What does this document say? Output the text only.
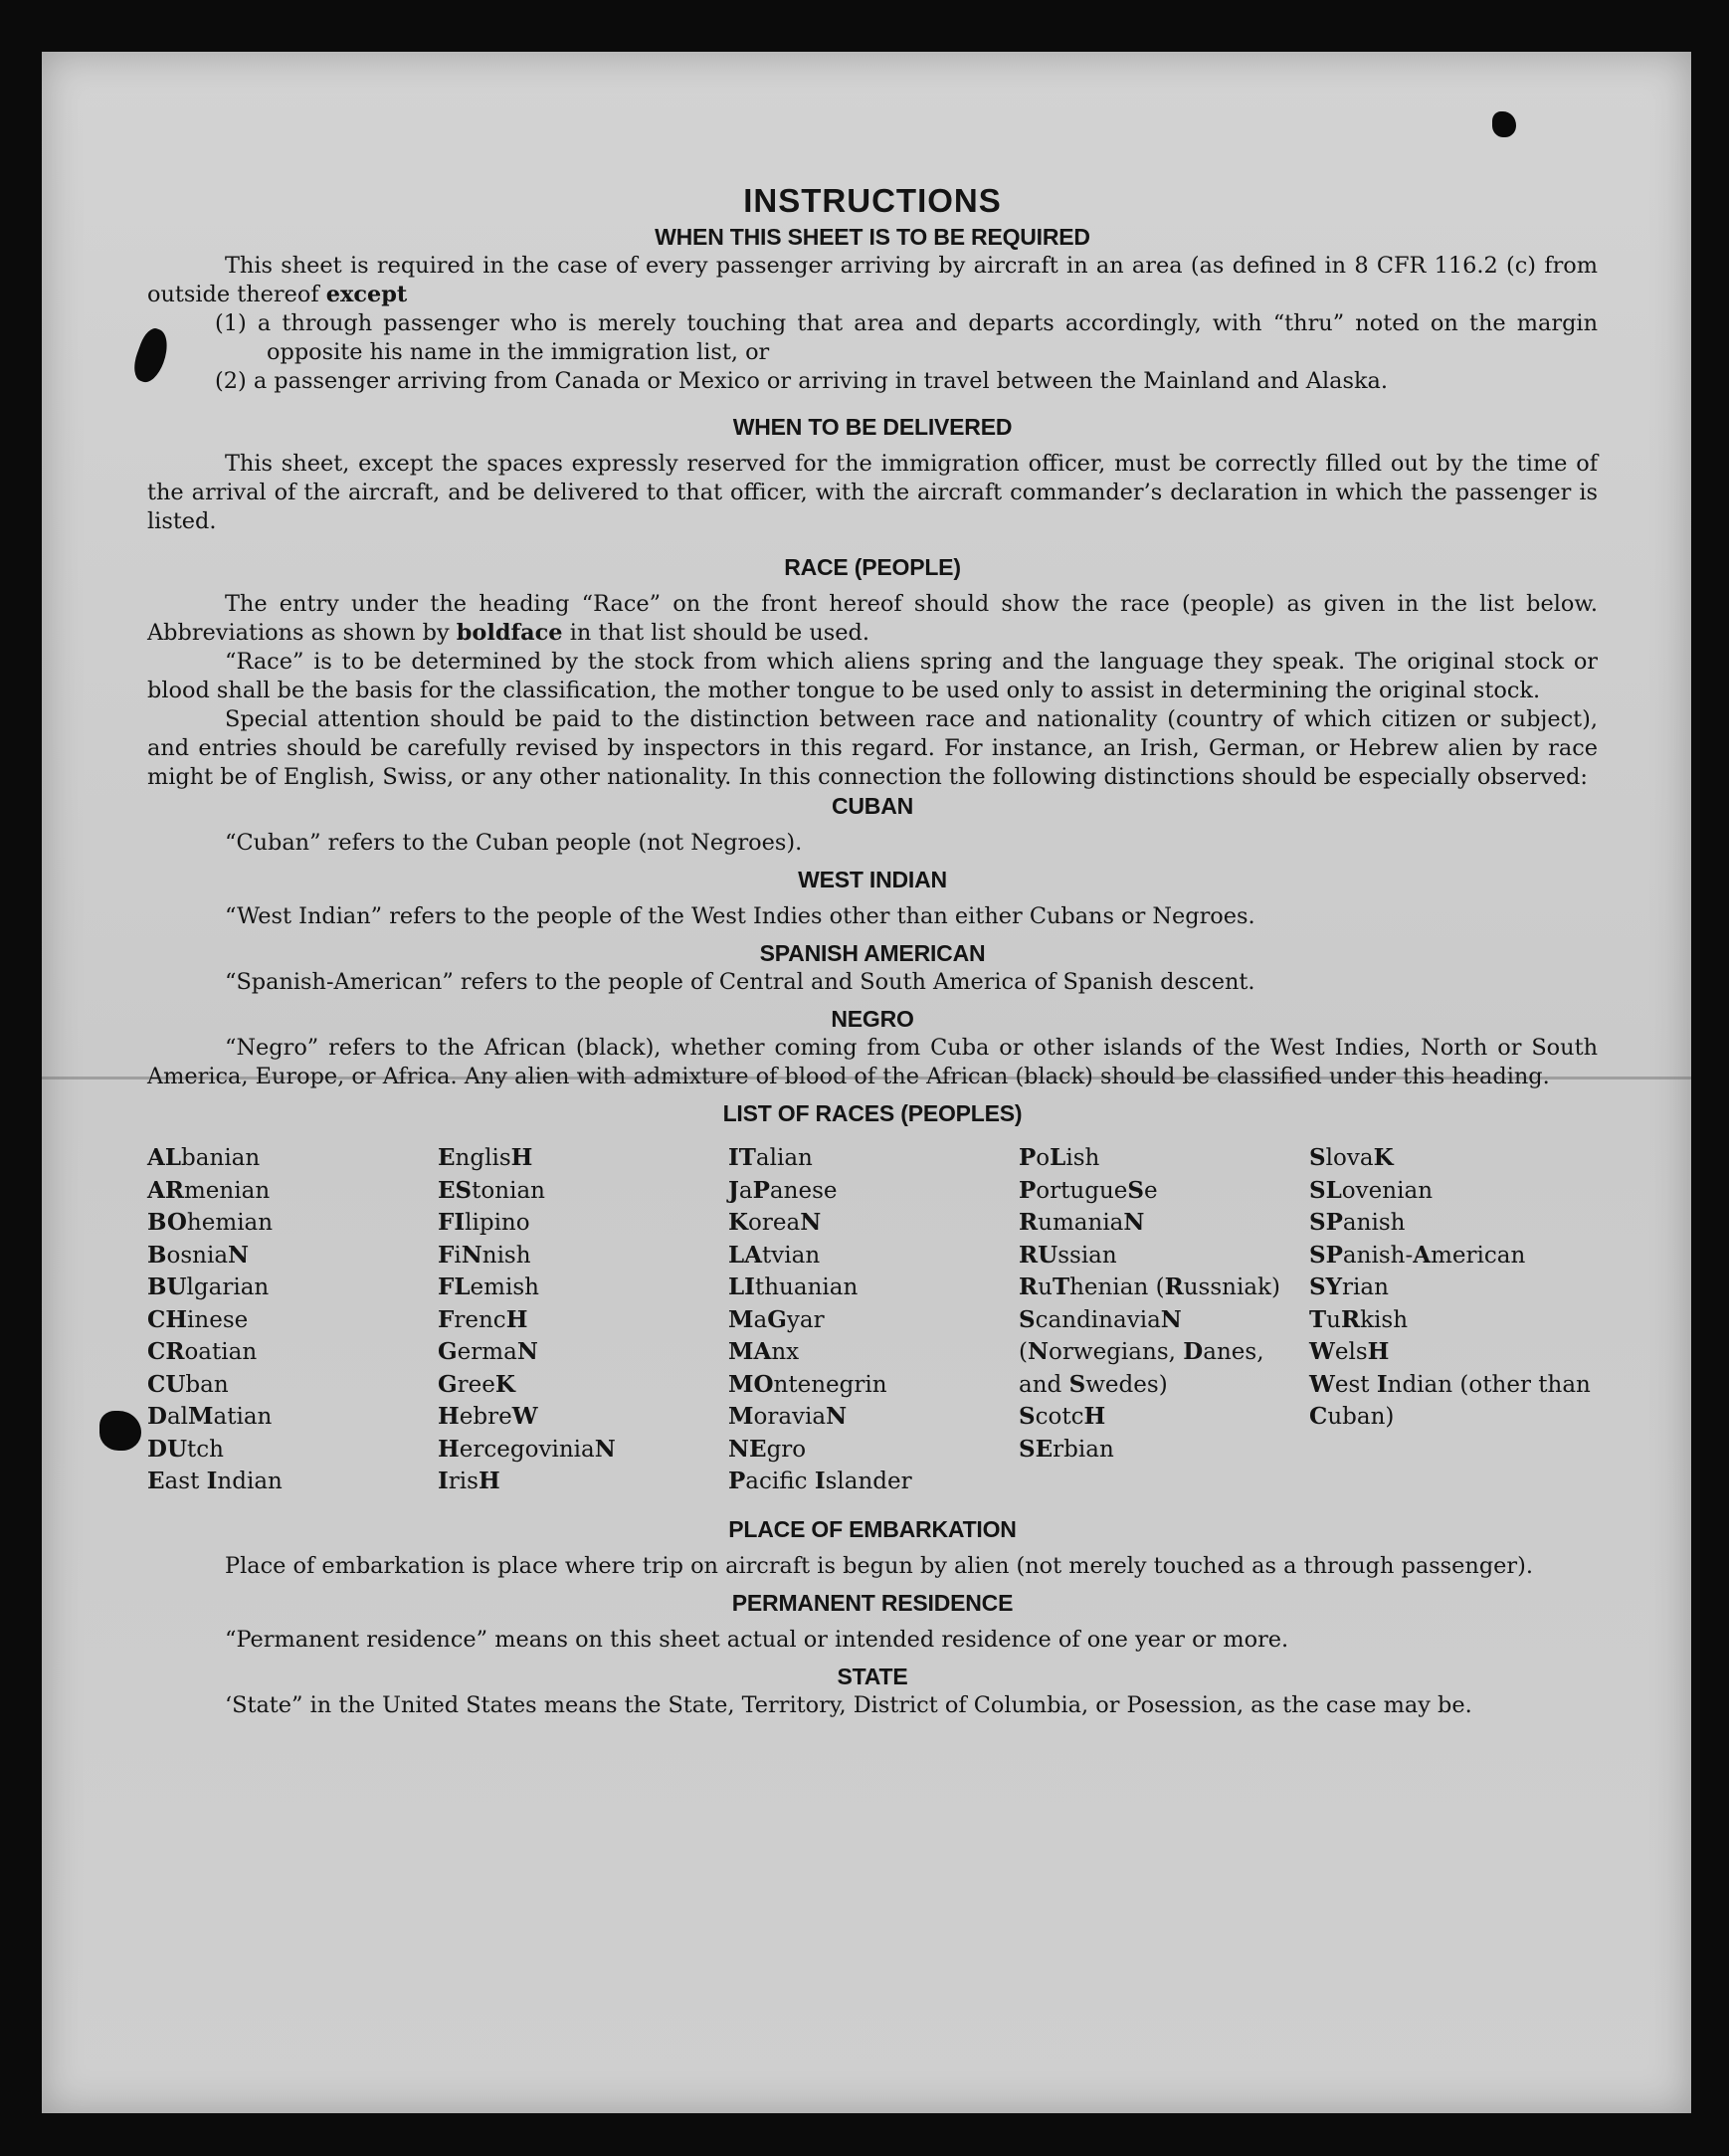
INSTRUCTIONS
WHEN THIS SHEET IS TO BE REQUIRED

This sheet is required in the case of every passenger arriving by aircraft in an area (as defined in 8 CFR 116.2 (c) from outside thereof except

(1) a through passenger who is merely touching that area and departs accordingly, with “thru” noted on the margin opposite his name in the immigration list, or

(2) a passenger arriving from Canada or Mexico or arriving in travel between the Mainland and Alaska.

WHEN TO BE DELIVERED

This sheet, except the spaces expressly reserved for the immigration officer, must be correctly filled out by the time of the arrival of the aircraft, and be delivered to that officer, with the aircraft commander’s declaration in which the passenger is listed.

RACE (PEOPLE)

The entry under the heading “Race” on the front hereof should show the race (people) as given in the list below. Abbreviations as shown by boldface in that list should be used.

“Race” is to be determined by the stock from which aliens spring and the language they speak. The original stock or blood shall be the basis for the classification, the mother tongue to be used only to assist in determining the original stock.

Special attention should be paid to the distinction between race and nationality (country of which citizen or subject), and entries should be carefully revised by inspectors in this regard. For instance, an Irish, German, or Hebrew alien by race might be of English, Swiss, or any other nationality. In this connection the following distinctions should be especially observed:

CUBAN

“Cuban” refers to the Cuban people (not Negroes).

WEST INDIAN

“West Indian” refers to the people of the West Indies other than either Cubans or Negroes.

SPANISH AMERICAN

“Spanish-American” refers to the people of Central and South America of Spanish descent.

NEGRO

“Negro” refers to the African (black), whether coming from Cuba or other islands of the West Indies, North or South America, Europe, or Africa. Any alien with admixture of blood of the African (black) should be classified under this heading.

LIST OF RACES (PEOPLES)
ALbanian
ARmenian
BOhemian
BosniaN
BUlgarian
CHinese
CRoatian
CUban
DalMatian
DUtch
East Indian
EnglisH
EStonian
FIlipino
FiNnish
FLemish
FrencH
GermaN
GreeK
HebreW
HercegoviniaN
IrisH
ITalian
JaPanese
KoreaN
LAtvian
LIthuanian
MaGyar
MAnx
MOntenegrin
MoraviaN
NEgro
Pacifc Islander
PoLish
PortugueSe
RumaniaN
RUssian
RuThenian (Russniak)
ScandinaviaN (Norwegians, Danes, and Swedes)
ScotcH
SErbian
SlovaK
SLovenian
SPanish
SPanish-American
SYrian
TuRkish
WelsH
West Indian (other than Cuban)
PLACE OF EMBARKATION

Place of embarkation is place where trip on aircraft is begun by alien (not merely touched as a through passenger).

PERMANENT RESIDENCE

“Permanent residence” means on this sheet actual or intended residence of one year or more.

STATE

‘State” in the United States means the State, Territory, District of Columbia, or Posession, as the case may be.
